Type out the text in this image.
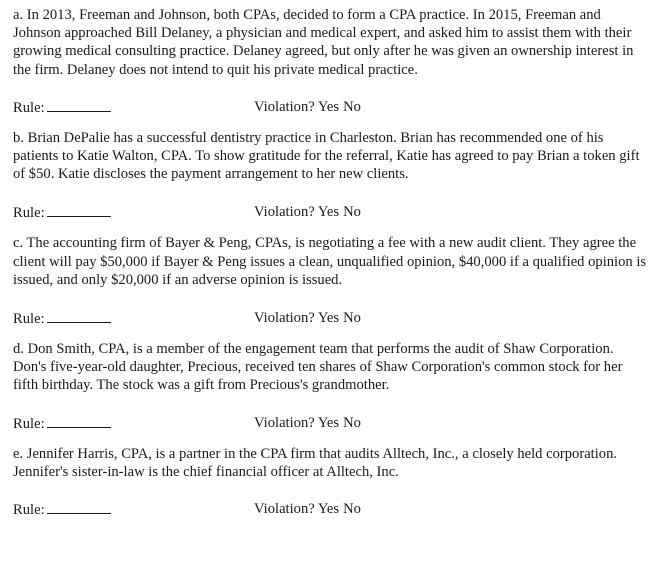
a. In 2013, Freeman and Johnson, both CPAs, decided to form a CPA practice. In 2015, Freeman and Johnson approached Bill Delaney, a physician and medical expert, and asked him to assist them with their growing medical consulting practice. Delaney agreed, but only after he was given an ownership interest in the firm. Delaney does not intend to quit his private medical practice.

Rule:	Violation? Yes No

b. Brian DePalie has a successful dentistry practice in Charleston. Brian has recommended one of his patients to Katie Walton, CPA. To show gratitude for the referral, Katie has agreed to pay Brian a token gift of $50. Katie discloses the payment arrangement to her new clients.

Rule:	Violation? Yes No

c. The accounting firm of Bayer & Peng, CPAs, is negotiating a fee with a new audit client. They agree the client will pay $50,000 if Bayer & Peng issues a clean, unqualified opinion, $40,000 if a qualified opinion is issued, and only $20,000 if an adverse opinion is issued.

Rule:	Violation? Yes No

d. Don Smith, CPA, is a member of the engagement team that performs the audit of Shaw Corporation. Don's five-year-old daughter, Precious, received ten shares of Shaw Corporation's common stock for her fifth birthday. The stock was a gift from Precious's grandmother.

Rule:	Violation? Yes No

e. Jennifer Harris, CPA, is a partner in the CPA firm that audits Alltech, Inc., a closely held corporation. Jennifer's sister-in-law is the chief financial officer at Alltech, Inc.

Rule:	Violation? Yes No
